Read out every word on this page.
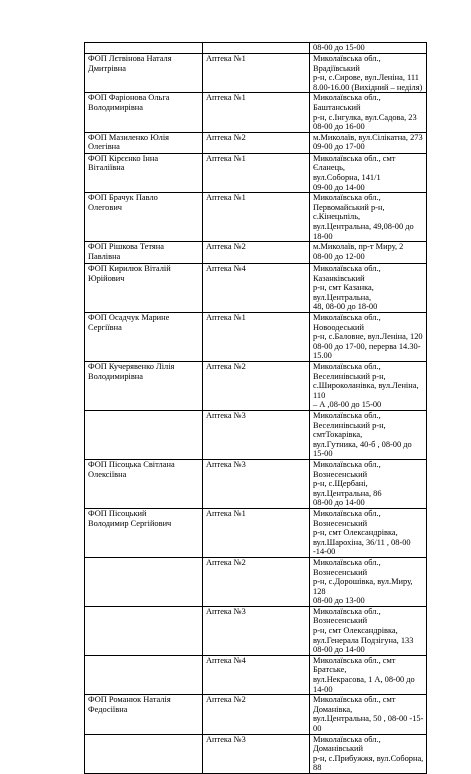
		08-00 до 15-00
ФОП Лєтвінова Наталя
Дмитрівна	Аптека №1	Миколаївська обл., Врадіївський
р-н, с.Сирове, вул.Леніна, 111
8.00-16.00 (Вихідний – неділя)
ФОП Фаріонова Ольга
Володимирівна	Аптека №1	Миколаївська обл., Баштанський
р-н, с.Інгулка, вул.Садова, 23
08-00 до 16-00
ФОП Мазиленко Юлія
Олегівна	Аптека №2	м.Миколаїв, вул.Сілікатна, 273
09-00 до 17-00
ФОП Кірєєнко Інна
Віталіївна	Аптека №1	Миколаївська обл., смт Єланець,
вул.Соборна, 141/1
09-00 до 14-00
ФОП Брачук Павло
Олегович	Аптека №1	Миколаївська обл.,
Первомайський р-н, с.Кінецьпіль,
вул.Центральна, 49,08-00 до 18-00
ФОП Рішкова Тетяна
Павлівна	Аптека №2	м.Миколаїв, пр-т Миру, 2
08-00 до 12-00
ФОП Кирилюк Віталій
Юрійович	Аптека №4	Миколаївська обл., Казанківський
р-н, смт Казанка, вул.Центральна,
48, 08-00 до 18-00
ФОП Осадчук Марине
Сергіївна	Аптека №1	Миколаївська обл., Новоодеський
р-н, с.Баловне, вул.Леніна, 120
08-00 до 17-00, перерва 14.30-
15.00
ФОП Кучерявенко Лілія
Володимирівна	Аптека №2	Миколаївська обл.,
Веселинівський р-н,
с.Широколанівка, вул.Леніна, 110
– А ,08-00 до 15-00
	Аптека №3	Миколаївська обл.,
Веселинівський р-н, смтТокарівка,
вул.Гутника, 40-б , 08-00 до 15-00
ФОП Пісоцька Світлана
Олексіївна	Аптека №3	Миколаївська обл., Вознесенський
р-н, с.Щербані, вул.Центральна, 86
08-00 до 14-00
ФОП Пісоцький
Володимир Сергійович	Аптека №1	Миколаївська обл., Вознесенський
р-н, смт Олександрівка,
вул.Шарохіна, 36/11 , 08-00 -14-00
	Аптека №2	Миколаївська обл., Вознесенський
р-н, с.Дорошівка, вул.Миру, 128
08-00 до 13-00
	Аптека №3	Миколаївська обл., Вознесенський
р-н, смт Олександрівка,
вул.Генерала Подзігуна, 133
08-00 до 14-00
	Аптека №4	Миколаївська обл., смт Братське,
вул.Некрасова, 1 А, 08-00 до 14-00
ФОП Романюк Наталія
Федосіївна	Аптека №2	Миколаївська обл., смт Доманівка,
вул.Центральна, 50 , 08-00 -15-00
	Аптека №3	Миколаївська обл., Доманівський
р-н, с.Прибужжя, вул.Соборна, 88
